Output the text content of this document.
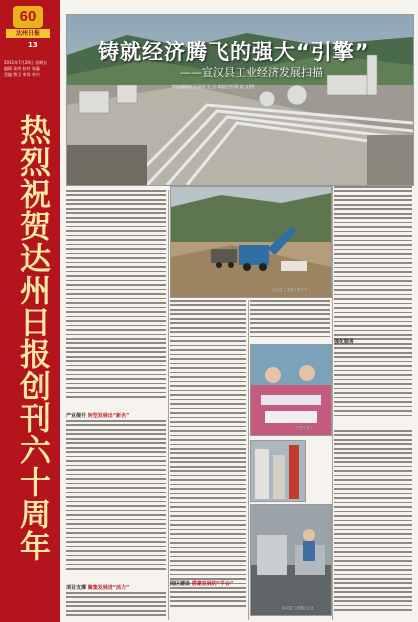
60
达州日报
13
2011年7月29日 星期五
编辑 朱明 校对 邹鑫
美编 曾卫 审读 李兴
热烈祝贺达州日报创刊六十周年
铸就经济腾飞的强大“引擎”
——宣汉县工业经济发展扫描
特约通讯员 江泽洋 王 卫 本报记者 阳 旭 文/图
宣汉县工业园区建设中
天然气化工
宣汉县工业园区企业
产业提升 转型发展出“新名”
项目支撑 聚集发展迸“活力”
园区建设 搭建发展的“平台”
强化服务
